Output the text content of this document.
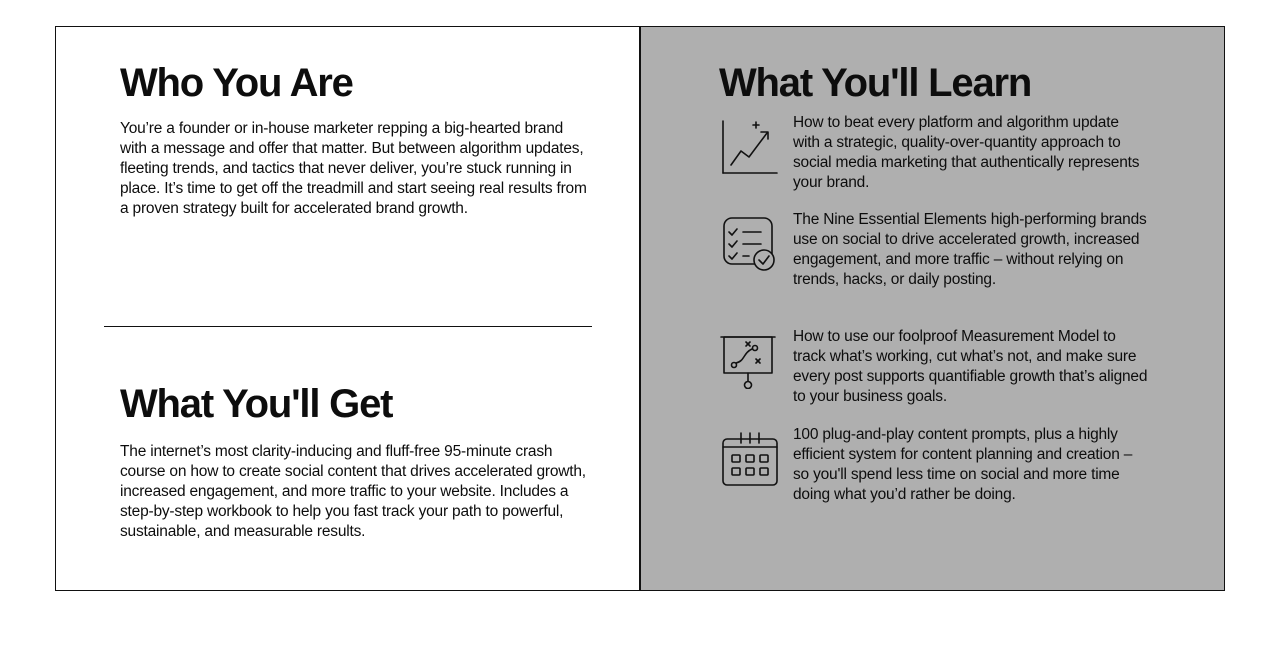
Who You Are

You’re a founder or in-house marketer repping a big-hearted brand with a message and offer that matter. But between algorithm updates, fleeting trends, and tactics that never deliver, you’re stuck running in place. It’s time to get off the treadmill and start seeing real results from a proven strategy built for accelerated brand growth.

What You'll Get

The internet’s most clarity-inducing and fluff-free 95-minute crash course on how to create social content that drives accelerated growth, increased engagement, and more traffic to your website. Includes a step-by-step workbook to help you fast track your path to powerful, sustainable, and measurable results.

What You'll Learn

How to beat every platform and algorithm update with a strategic, quality-over-quantity approach to social media marketing that authentically represents your brand.

The Nine Essential Elements high-performing brands use on social to drive accelerated growth, increased engagement, and more traffic – without relying on trends, hacks, or daily posting.

How to use our foolproof Measurement Model to track what’s working, cut what’s not, and make sure every post supports quantifiable growth that’s aligned to your business goals.

100 plug-and-play content prompts, plus a highly efficient system for content planning and creation – so you'll spend less time on social and more time doing what you’d rather be doing.
